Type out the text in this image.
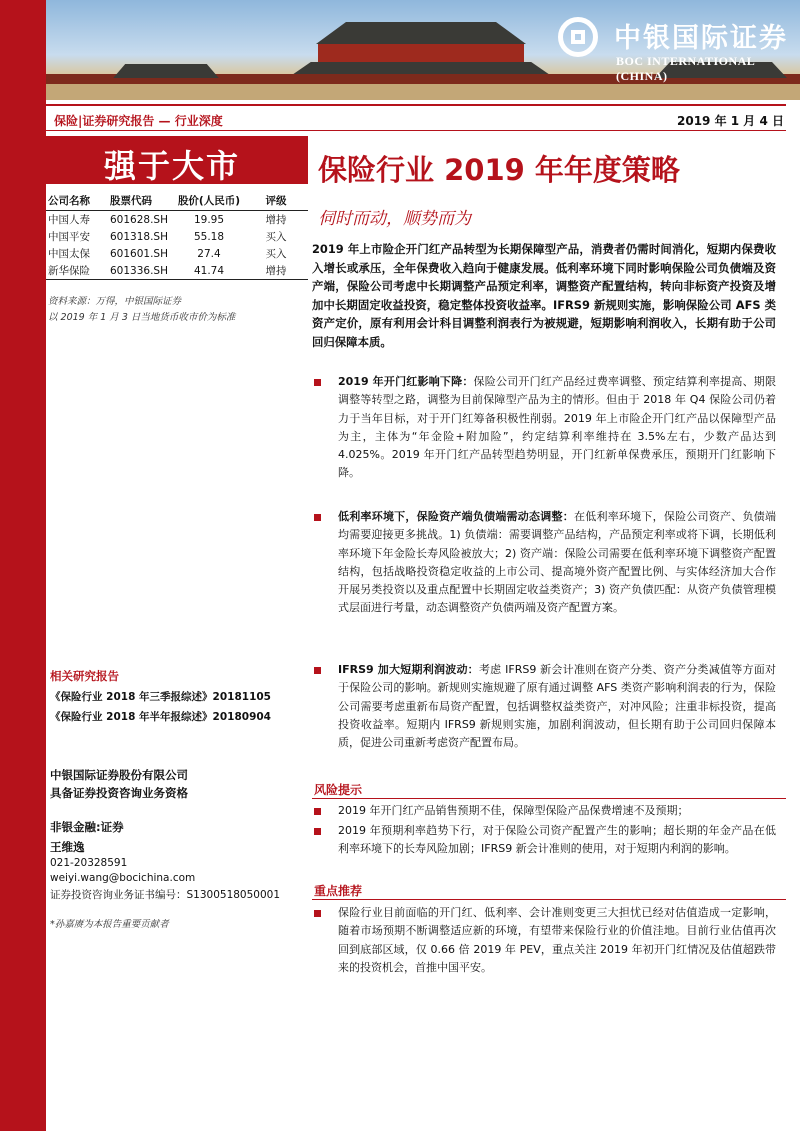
中银国际证券
BOC INTERNATIONAL (CHINA)
保险|证券研究报告 — 行业深度	2019 年 1 月 4 日
强于大市
公司名称	股票代码	股价(人民币)	评级
中国人寿	601628.SH	19.95	增持
中国平安	601318.SH	55.18	买入
中国太保	601601.SH	27.4	买入
新华保险	601336.SH	41.74	增持
资料来源：万得，中银国际证券
以 2019 年 1 月 3 日当地货币收市价为标准
相关研究报告
《保险行业 2018 年三季报综述》20181105
《保险行业 2018 年半年报综述》20180904
中银国际证券股份有限公司
具备证券投资咨询业务资格
非银金融:证券
王维逸
021-20328591
weiyi.wang@bocichina.com
证券投资咨询业务证书编号：S1300518050001
*孙嘉赓为本报告重要贡献者
保险行业 2019 年年度策略
伺时而动，顺势而为
2019 年上市险企开门红产品转型为长期保障型产品，消费者仍需时间消化，短期内保费收入增长或承压，全年保费收入趋向于健康发展。低利率环境下同时影响保险公司负债端及资产端，保险公司考虑中长期调整产品预定利率，调整资产配置结构，转向非标资产投资及增加中长期固定收益投资，稳定整体投资收益率。IFRS9 新规则实施，影响保险公司 AFS 类资产定价，原有利用会计科目调整利润表行为被规避，短期影响利润收入，长期有助于公司回归保障本质。

2019 年开门红影响下降：保险公司开门红产品经过费率调整、预定结算利率提高、期限调整等转型之路，调整为目前保障型产品为主的情形。但由于 2018 年 Q4 保险公司仍着力于当年目标，对于开门红筹备积极性削弱。2019 年上市险企开门红产品以保障型产品为主，主体为“年金险+附加险”，约定结算利率维持在 3.5%左右，少数产品达到 4.025%。2019 年开门红产品转型趋势明显，开门红新单保费承压，预期开门红影响下降。

低利率环境下，保险资产端负债端需动态调整：在低利率环境下，保险公司资产、负债端均需要迎接更多挑战。1) 负债端：需要调整产品结构，产品预定利率或将下调，长期低利率环境下年金险长寿风险被放大；2) 资产端：保险公司需要在低利率环境下调整资产配置结构，包括战略投资稳定收益的上市公司、提高境外资产配置比例、与实体经济加大合作开展另类投资以及重点配置中长期固定收益类资产；3) 资产负债匹配：从资产负债管理模式层面进行考量，动态调整资产负债两端及资产配置方案。

IFRS9 加大短期利润波动：考虑 IFRS9 新会计准则在资产分类、资产分类减值等方面对于保险公司的影响。新规则实施规避了原有通过调整 AFS 类资产影响利润表的行为，保险公司需要考虑重新布局资产配置，包括调整权益类资产，对冲风险；注重非标投资，提高投资收益率。短期内 IFRS9 新规则实施，加剧利润波动，但长期有助于公司回归保障本质，促进公司重新考虑资产配置布局。

风险提示

2019 年开门红产品销售预期不佳，保障型保险产品保费增速不及预期；

2019 年预期利率趋势下行，对于保险公司资产配置产生的影响；超长期的年金产品在低利率环境下的长寿风险加剧；IFRS9 新会计准则的使用，对于短期内利润的影响。

重点推荐

保险行业目前面临的开门红、低利率、会计准则变更三大担忧已经对估值造成一定影响，随着市场预期不断调整适应新的环境，有望带来保险行业的价值洼地。目前行业估值再次回到底部区域，仅 0.66 倍 2019 年 PEV，重点关注 2019 年初开门红情况及估值超跌带来的投资机会，首推中国平安。
